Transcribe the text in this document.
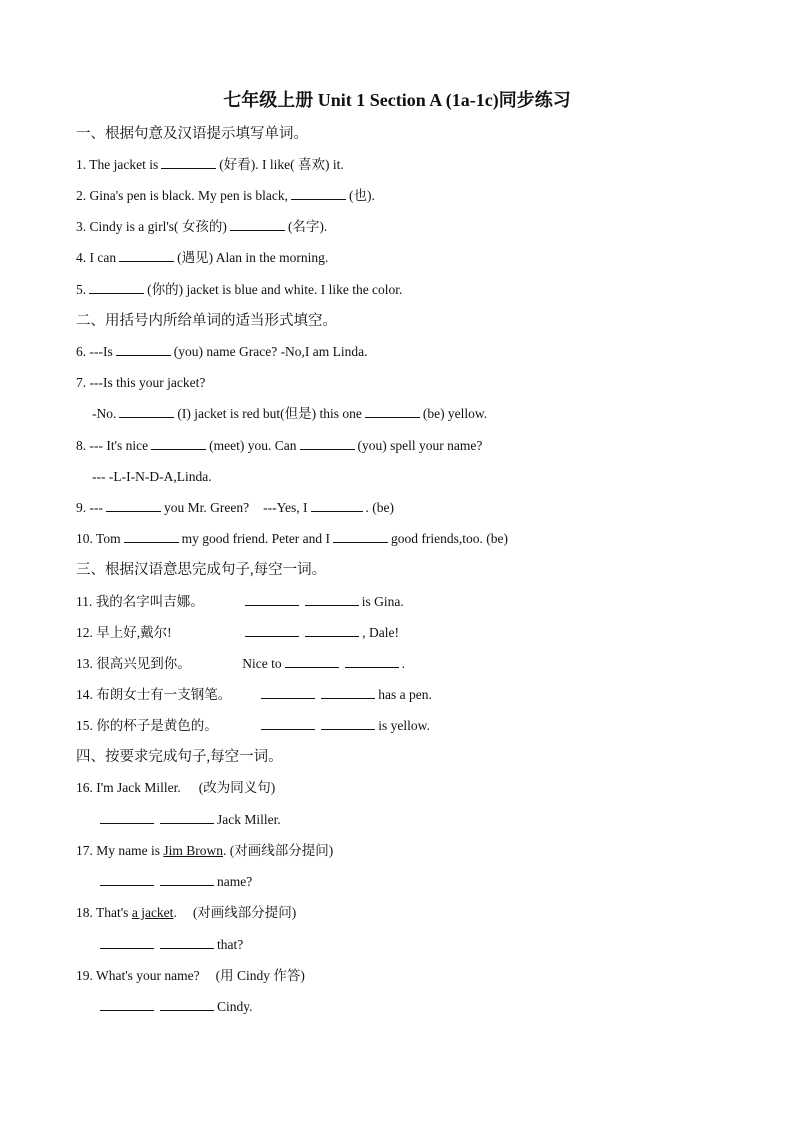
七年级上册 Unit 1 Section A (1a-1c)同步练习
一、根据句意及汉语提示填写单词。
1. The jacket is	(好看). I like( 喜欢) it.
2. Gina's pen is black. My pen is black,	(也).
3. Cindy is a girl's( 女孩的)	(名字).
4. I can	(遇见) Alan in the morning.
5.	(你的) jacket is blue and white. I like the color.
二、用括号内所给单词的适当形式填空。
6. ---Is	(you) name Grace? -No,I am Linda.
7. ---Is this your jacket?
-No.	(I) jacket is red but(但是) this one	(be) yellow.
8. --- It's nice	(meet) you. Can	(you) spell your name?
--- -L-I-N-D-A,Linda.
9. ---	you Mr. Green? ---Yes, I	. (be)
10. Tom	my good friend. Peter and I	good friends,too. (be)
三、根据汉语意思完成句子,每空一词。
11. 我的名字叫吉娜。	is Gina.
12. 早上好,戴尔!	, Dale!
13. 很高兴见到你。	Nice to	.
14. 布朗女士有一支钢笔。	has a pen.
15. 你的杯子是黄色的。	is yellow.
四、按要求完成句子,每空一词。
16. I'm Jack Miller. (改为同义句)
Jack Miller.
17. My name is Jim Brown. (对画线部分提问)
name?
18. That's a jacket. (对画线部分提问)
that?
19. What's your name? (用 Cindy 作答)
Cindy.
